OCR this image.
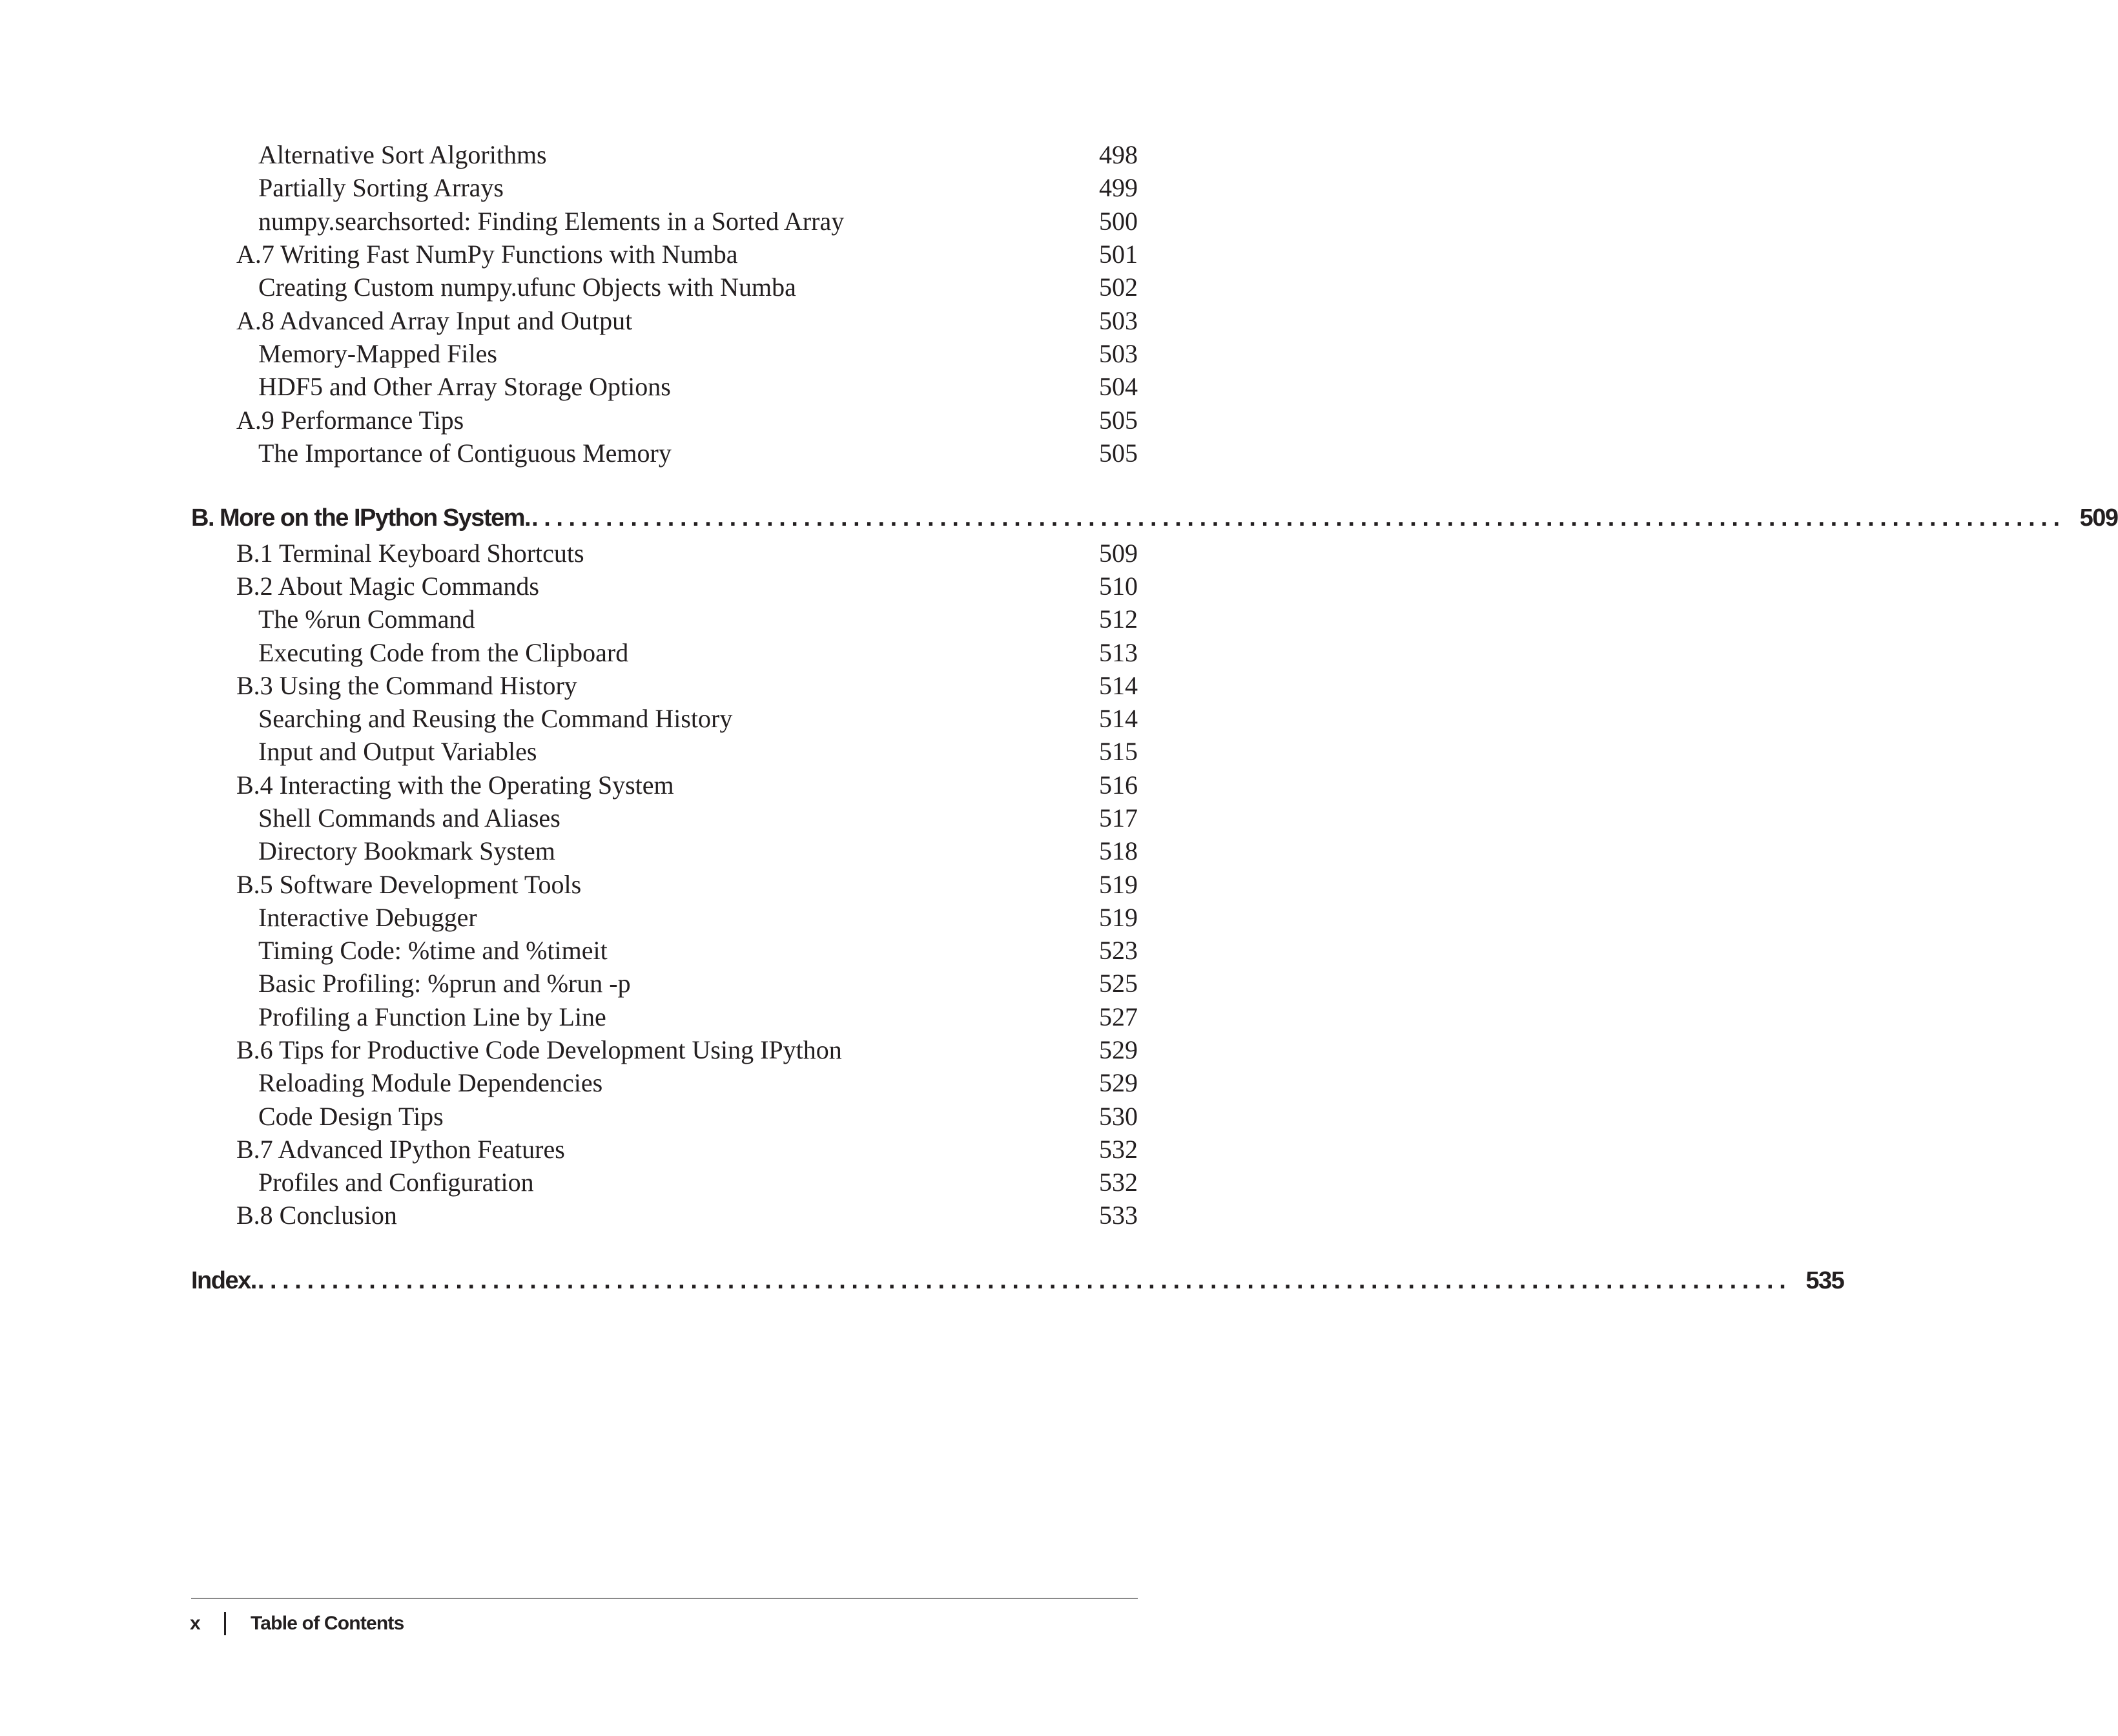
Alternative Sort Algorithms	498
Partially Sorting Arrays	499
numpy.searchsorted: Finding Elements in a Sorted Array	500
A.7 Writing Fast NumPy Functions with Numba	501
Creating Custom numpy.ufunc Objects with Numba	502
A.8 Advanced Array Input and Output	503
Memory-Mapped Files	503
HDF5 and Other Array Storage Options	504
A.9 Performance Tips	505
The Importance of Contiguous Memory	505
B. More on the IPython System. ............................................................................................................................ 509
B.1 Terminal Keyboard Shortcuts	509
B.2 About Magic Commands	510
The %run Command	512
Executing Code from the Clipboard	513
B.3 Using the Command History	514
Searching and Reusing the Command History	514
Input and Output Variables	515
B.4 Interacting with the Operating System	516
Shell Commands and Aliases	517
Directory Bookmark System	518
B.5 Software Development Tools	519
Interactive Debugger	519
Timing Code: %time and %timeit	523
Basic Profiling: %prun and %run -p	525
Profiling a Function Line by Line	527
B.6 Tips for Productive Code Development Using IPython	529
Reloading Module Dependencies	529
Code Design Tips	530
B.7 Advanced IPython Features	532
Profiles and Configuration	532
B.8 Conclusion	533
Index. ............................................................................................................................ 535
x	Table of Contents
